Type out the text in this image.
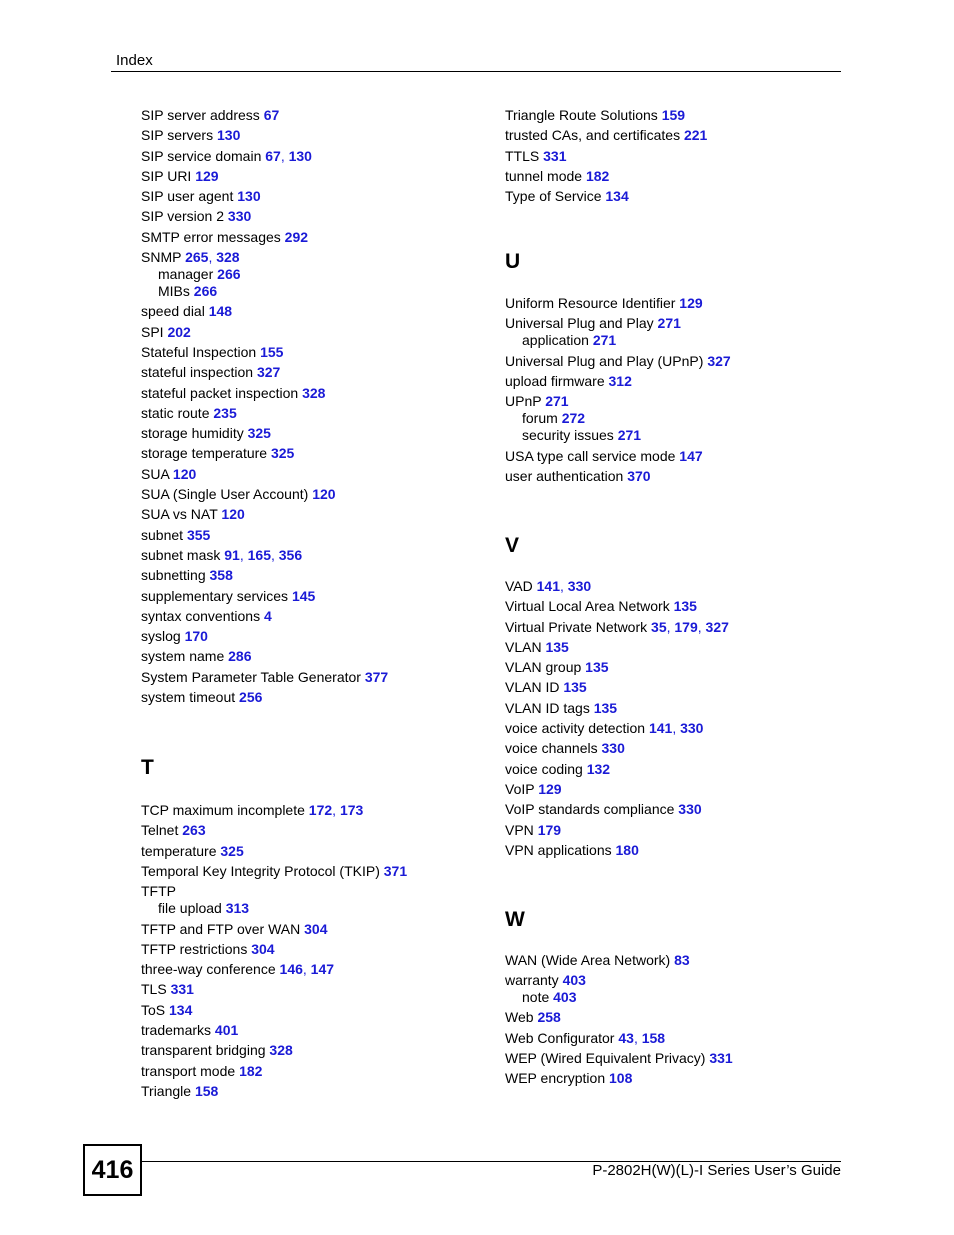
Index
SIP server address 67
SIP servers 130
SIP service domain 67, 130
SIP URI 129
SIP user agent 130
SIP version 2 330
SMTP error messages 292
SNMP 265, 328
manager 266
MIBs 266
speed dial 148
SPI 202
Stateful Inspection 155
stateful inspection 327
stateful packet inspection 328
static route 235
storage humidity 325
storage temperature 325
SUA 120
SUA (Single User Account) 120
SUA vs NAT 120
subnet 355
subnet mask 91, 165, 356
subnetting 358
supplementary services 145
syntax conventions 4
syslog 170
system name 286
System Parameter Table Generator 377
system timeout 256
T
TCP maximum incomplete 172, 173
Telnet 263
temperature 325
Temporal Key Integrity Protocol (TKIP) 371
TFTP
file upload 313
TFTP and FTP over WAN 304
TFTP restrictions 304
three-way conference 146, 147
TLS 331
ToS 134
trademarks 401
transparent bridging 328
transport mode 182
Triangle 158
Triangle Route Solutions 159
trusted CAs, and certificates 221
TTLS 331
tunnel mode 182
Type of Service 134
U
Uniform Resource Identifier 129
Universal Plug and Play 271
application 271
Universal Plug and Play (UPnP) 327
upload firmware 312
UPnP 271
forum 272
security issues 271
USA type call service mode 147
user authentication 370
V
VAD 141, 330
Virtual Local Area Network 135
Virtual Private Network 35, 179, 327
VLAN 135
VLAN group 135
VLAN ID 135
VLAN ID tags 135
voice activity detection 141, 330
voice channels 330
voice coding 132
VoIP 129
VoIP standards compliance 330
VPN 179
VPN applications 180
W
WAN (Wide Area Network) 83
warranty 403
note 403
Web 258
Web Configurator 43, 158
WEP (Wired Equivalent Privacy) 331
WEP encryption 108
416	P-2802H(W)(L)-I Series User’s Guide
